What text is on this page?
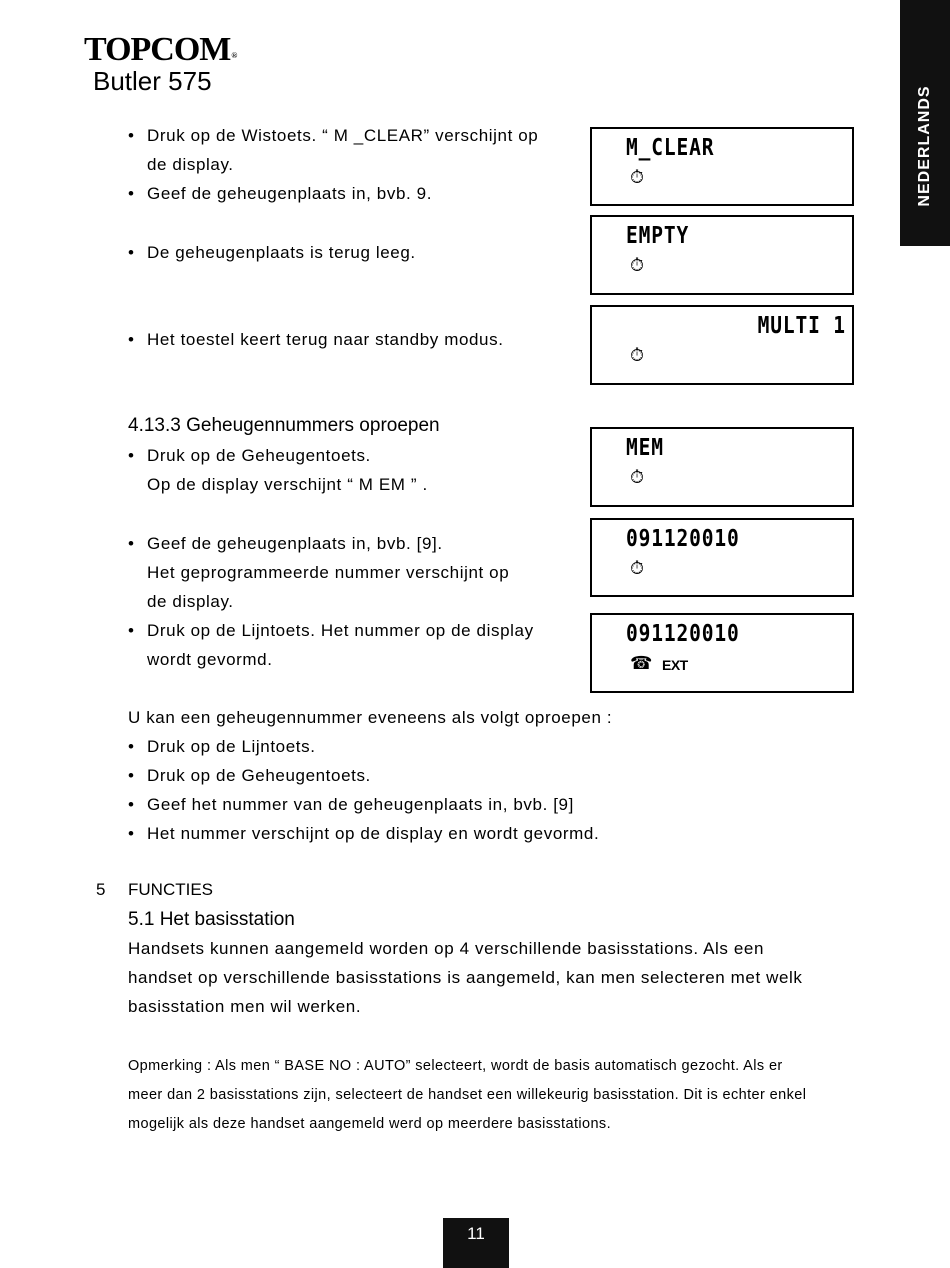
TOPCOM®
Butler 575
NEDERLANDS
• Druk op de Wistoets. “ M _CLEAR” verschijnt op
de display.
• Geef de geheugenplaats in, bvb. 9.
• De geheugenplaats is terug leeg.
• Het toestel keert terug naar standby modus.
M_CLEAR
⏱
EMPTY
⏱
MULTI 1
⏱
MEM
⏱
091120010
⏱
091120010
☎ EXT
4.13.3 Geheugennummers oproepen
• Druk op de Geheugentoets.
Op de display verschijnt “ M EM ” .
• Geef de geheugenplaats in, bvb. [9].
Het geprogrammeerde nummer verschijnt op
de display.
• Druk op de Lijntoets. Het nummer op de display
wordt gevormd.
U kan een geheugennummer eveneens als volgt oproepen :
• Druk op de Lijntoets.
• Druk op de Geheugentoets.
• Geef het nummer van de geheugenplaats in, bvb. [9]
• Het nummer verschijnt op de display en wordt gevormd.
5 FUNCTIES
5.1 Het basisstation
Handsets kunnen aangemeld worden op 4 verschillende basisstations. Als een
handset op verschillende basisstations is aangemeld, kan men selecteren met welk
basisstation men wil werken.
Opmerking : Als men “ BASE NO : AUTO” selecteert, wordt de basis automatisch gezocht. Als er
meer dan 2 basisstations zijn, selecteert de handset een willekeurig basisstation. Dit is echter enkel
mogelijk als deze handset aangemeld werd op meerdere basisstations.
11
